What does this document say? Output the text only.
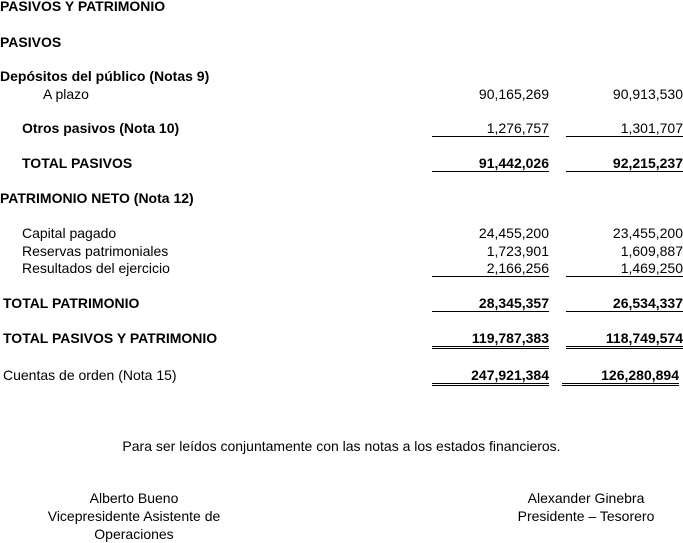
PASIVOS Y PATRIMONIO
PASIVOS
Depósitos del público (Notas 9)
A plazo	90,165,269	90,913,530
Otros pasivos (Nota 10)	1,276,757	1,301,707
TOTAL PASIVOS	91,442,026	92,215,237
PATRIMONIO NETO (Nota 12)
Capital pagado	24,455,200	23,455,200
Reservas patrimoniales	1,723,901	1,609,887
Resultados del ejercicio	2,166,256	1,469,250
TOTAL PATRIMONIO	28,345,357	26,534,337
TOTAL PASIVOS Y PATRIMONIO	119,787,383	118,749,574
Cuentas de orden (Nota 15)	247,921,384	126,280,894
Para ser leídos conjuntamente con las notas a los estados financieros.
Alberto Bueno
Vicepresidente Asistente de
Operaciones
Alexander Ginebra
Presidente – Tesorero
